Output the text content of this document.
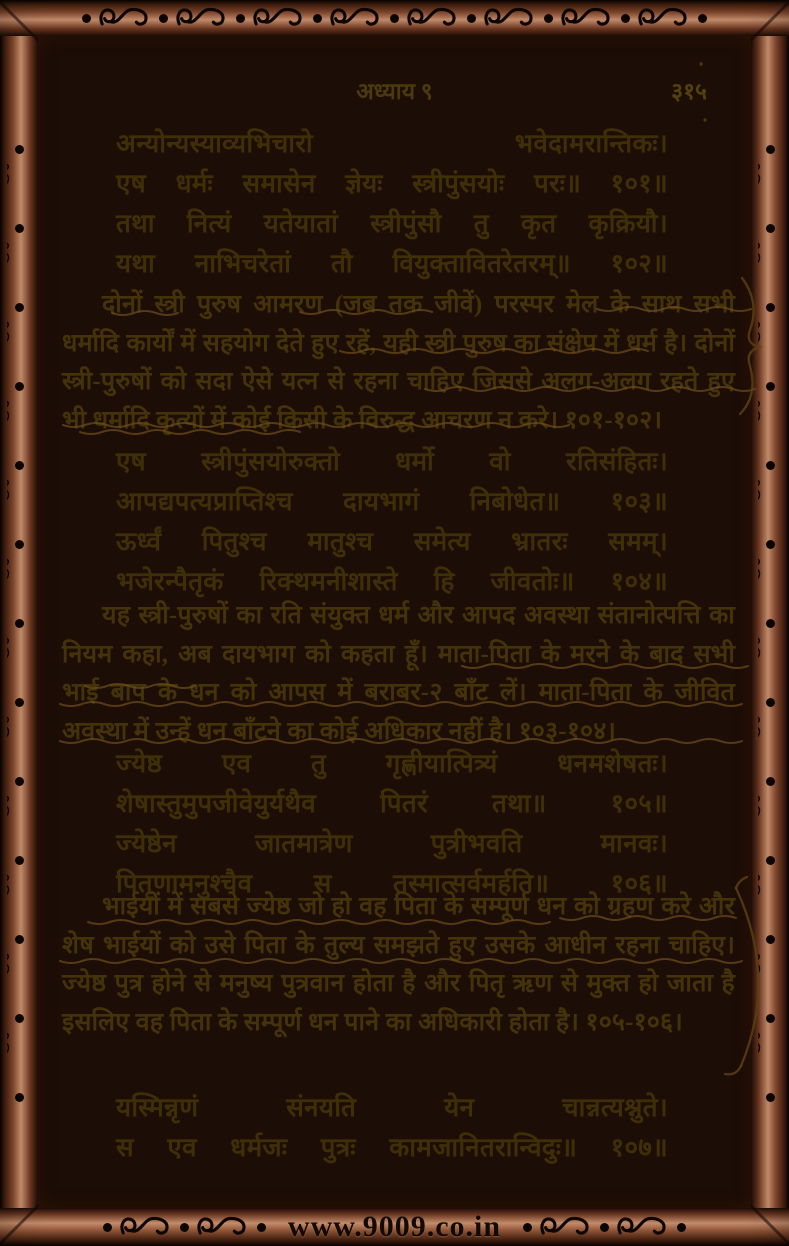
www.9009.co.in
अध्याय ९	३१५
अन्योन्यस्याव्यभिचारो भवेदामरान्तिकः।
एष धर्मः समासेन ज्ञेयः स्त्रीपुंसयोः परः॥ १०१॥
तथा नित्यं यतेयातां स्त्रीपुंसौ तु कृत कृक्रियौ।
यथा नाभिचरेतां तौ वियुक्तावितरेतरम्॥ १०२॥
दोनों स्त्री पुरुष आमरण (जब तक जीवें) परस्पर मेल के साथ सभी धर्मादि कार्यों में सहयोग देते हुए रहें, यही स्त्री पुरुष का संक्षेप में धर्म है। दोनों स्त्री-पुरुषों को सदा ऐसे यत्न से रहना चाहिए जिससे अलग-अलग रहते हुए भी धर्मादि कृत्यों में कोई किसी के विरुद्ध आचरण न करे। १०१-१०२।
एष स्त्रीपुंसयोरुक्तो धर्मो वो रतिसंहितः।
आपद्यपत्यप्राप्तिश्च दायभागं निबोधेत॥ १०३॥
ऊर्ध्वं पितुश्च मातुश्च समेत्य भ्रातरः समम्।
भजेरन्पैतृकं रिक्थमनीशास्ते हि जीवतोः॥ १०४॥
यह स्त्री-पुरुषों का रति संयुक्त धर्म और आपद अवस्था संतानोत्पत्ति का नियम कहा, अब दायभाग को कहता हूँ। माता-पिता के मरने के बाद सभी भाई बाप के धन को आपस में बराबर-२ बाँट लें। माता-पिता के जीवित अवस्था में उन्हें धन बाँटने का कोई अधिकार नहीं है। १०३-१०४।
ज्येष्ठ एव तु गृह्णीयात्पित्र्यं धनमशेषतः।
शेषास्तुमुपजीवेयुर्यथैव पितरं तथा॥ १०५॥
ज्येष्ठेन जातमात्रेण पुत्रीभवति मानवः।
पितृणामनुश्चैव स तस्मात्सर्वमर्हति॥ १०६॥
भाईयों में सबसे ज्येष्ठ जो हो वह पिता के सम्पूर्ण धन को ग्रहण करे और शेष भाईयों को उसे पिता के तुल्य समझते हुए उसके आधीन रहना चाहिए। ज्येष्ठ पुत्र होने से मनुष्य पुत्रवान होता है और पितृ ऋण से मुक्त हो जाता है इसलिए वह पिता के सम्पूर्ण धन पाने का अधिकारी होता है। १०५-१०६।
यस्मिन्नृणं संनयति येन चान्नत्यश्नुते।
स एव धर्मजः पुत्रः कामजानितरान्विदुः॥ १०७॥
